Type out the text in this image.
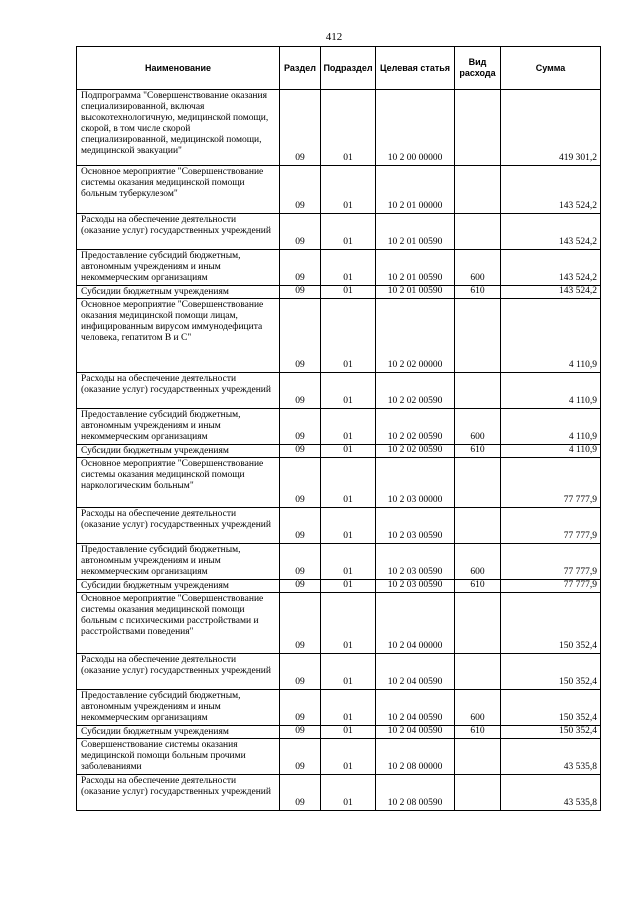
412
Наименование	Раздел	Подраздел	Целевая статья	Вид расхода	Сумма
Подпрограмма "Совершенствование оказания специализированной, включая высокотехнологичную, медицинской помощи, скорой, в том числе скорой специализированной, медицинской помощи, медицинской эвакуации"	09	01	10 2 00 00000		419 301,2
Основное мероприятие "Совершенствование системы оказания медицинской помощи больным туберкулезом"	09	01	10 2 01 00000		143 524,2
Расходы на обеспечение деятельности (оказание услуг) государственных учреждений	09	01	10 2 01 00590		143 524,2
Предоставление субсидий бюджетным, автономным учреждениям и иным некоммерческим организациям	09	01	10 2 01 00590	600	143 524,2
Субсидии бюджетным учреждениям	09	01	10 2 01 00590	610	143 524,2
Основное мероприятие "Совершенствование оказания медицинской помощи лицам, инфицированным вирусом иммунодефицита человека, гепатитом В и С"	09	01	10 2 02 00000		4 110,9
Расходы на обеспечение деятельности (оказание услуг) государственных учреждений	09	01	10 2 02 00590		4 110,9
Предоставление субсидий бюджетным, автономным учреждениям и иным некоммерческим организациям	09	01	10 2 02 00590	600	4 110,9
Субсидии бюджетным учреждениям	09	01	10 2 02 00590	610	4 110,9
Основное мероприятие "Совершенствование системы оказания медицинской помощи наркологическим больным"	09	01	10 2 03 00000		77 777,9
Расходы на обеспечение деятельности (оказание услуг) государственных учреждений	09	01	10 2 03 00590		77 777,9
Предоставление субсидий бюджетным, автономным учреждениям и иным некоммерческим организациям	09	01	10 2 03 00590	600	77 777,9
Субсидии бюджетным учреждениям	09	01	10 2 03 00590	610	77 777,9
Основное мероприятие "Совершенствование системы оказания медицинской помощи больным с психическими расстройствами и расстройствами поведения"	09	01	10 2 04 00000		150 352,4
Расходы на обеспечение деятельности (оказание услуг) государственных учреждений	09	01	10 2 04 00590		150 352,4
Предоставление субсидий бюджетным, автономным учреждениям и иным некоммерческим организациям	09	01	10 2 04 00590	600	150 352,4
Субсидии бюджетным учреждениям	09	01	10 2 04 00590	610	150 352,4
Совершенствование системы оказания медицинской помощи больным прочими заболеваниями	09	01	10 2 08 00000		43 535,8
Расходы на обеспечение деятельности (оказание услуг) государственных учреждений	09	01	10 2 08 00590		43 535,8
